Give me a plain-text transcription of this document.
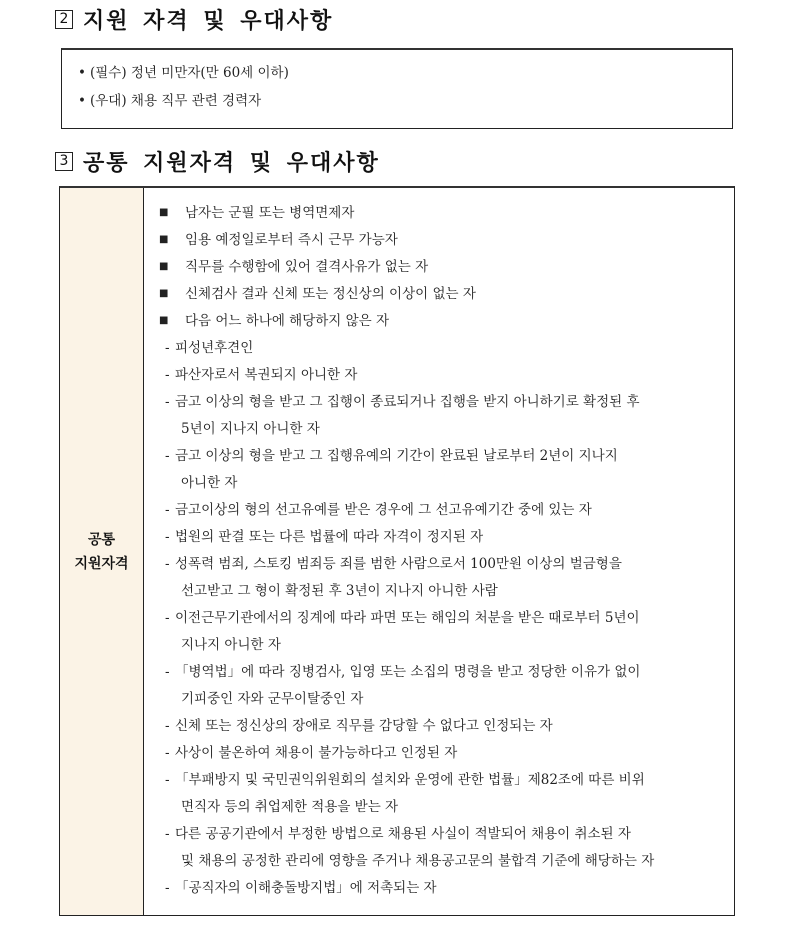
2 지원 자격 및 우대사항
• (필수) 정년 미만자(만 60세 이하)
• (우대) 채용 직무 관련 경력자
3 공통 지원자격 및 우대사항
공통
지원자격
■	남자는 군필 또는 병역면제자
■	임용 예정일로부터 즉시 근무 가능자
■	직무를 수행함에 있어 결격사유가 없는 자
■	신체검사 결과 신체 또는 정신상의 이상이 없는 자
■	다음 어느 하나에 해당하지 않은 자
- 피성년후견인
- 파산자로서 복권되지 아니한 자
- 금고 이상의 형을 받고 그 집행이 종료되거나 집행을 받지 아니하기로 확정된 후
5년이 지나지 아니한 자
- 금고 이상의 형을 받고 그 집행유예의 기간이 완료된 날로부터 2년이 지나지
아니한 자
- 금고이상의 형의 선고유예를 받은 경우에 그 선고유예기간 중에 있는 자
- 법원의 판결 또는 다른 법률에 따라 자격이 정지된 자
- 성폭력 범죄, 스토킹 범죄등 죄를 범한 사람으로서 100만원 이상의 벌금형을
선고받고 그 형이 확정된 후 3년이 지나지 아니한 사람
- 이전근무기관에서의 징계에 따라 파면 또는 해임의 처분을 받은 때로부터 5년이
지나지 아니한 자
- 「병역법」에 따라 징병검사, 입영 또는 소집의 명령을 받고 정당한 이유가 없이
기피중인 자와 군무이탈중인 자
- 신체 또는 정신상의 장애로 직무를 감당할 수 없다고 인정되는 자
- 사상이 불온하여 채용이 불가능하다고 인정된 자
- 「부패방지 및 국민권익위원회의 설치와 운영에 관한 법률」제82조에 따른 비위
면직자 등의 취업제한 적용을 받는 자
- 다른 공공기관에서 부정한 방법으로 채용된 사실이 적발되어 채용이 취소된 자
및 채용의 공정한 관리에 영향을 주거나 채용공고문의 불합격 기준에 해당하는 자
- 「공직자의 이해충돌방지법」에 저촉되는 자
